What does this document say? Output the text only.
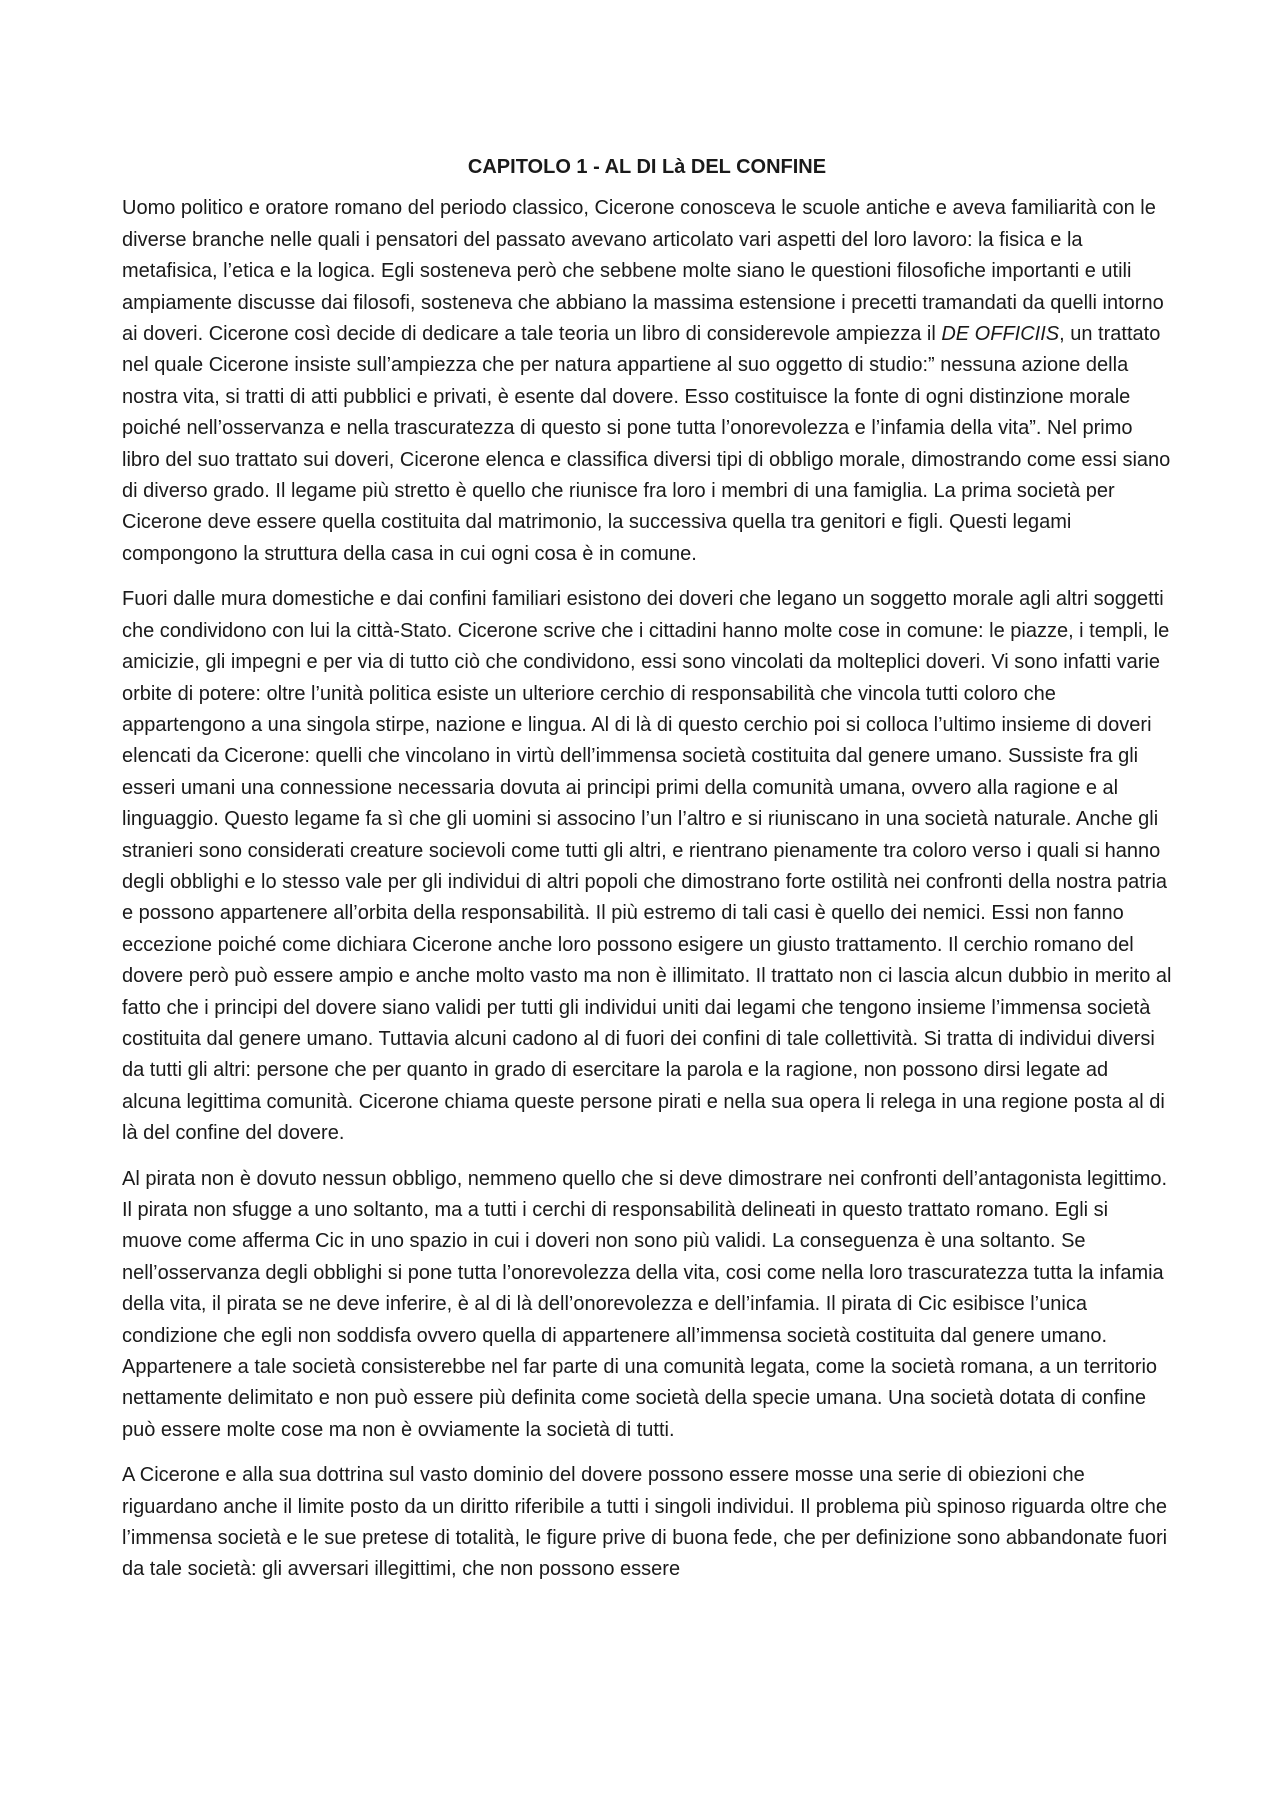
CAPITOLO 1 - AL DI Là DEL CONFINE

Uomo politico e oratore romano del periodo classico, Cicerone conosceva le scuole antiche e aveva familiarità con le diverse branche nelle quali i pensatori del passato avevano articolato vari aspetti del loro lavoro: la fisica e la metafisica, l’etica e la logica. Egli sosteneva però che sebbene molte siano le questioni filosofiche importanti e utili ampiamente discusse dai filosofi, sosteneva che abbiano la massima estensione i precetti tramandati da quelli intorno ai doveri. Cicerone così decide di dedicare a tale teoria un libro di considerevole ampiezza il DE OFFICIIS, un trattato nel quale Cicerone insiste sull’ampiezza che per natura appartiene al suo oggetto di studio:” nessuna azione della nostra vita, si tratti di atti pubblici e privati, è esente dal dovere. Esso costituisce la fonte di ogni distinzione morale poiché nell’osservanza e nella trascuratezza di questo si pone tutta l’onorevolezza e l’infamia della vita”. Nel primo libro del suo trattato sui doveri, Cicerone elenca e classifica diversi tipi di obbligo morale, dimostrando come essi siano di diverso grado. Il legame più stretto è quello che riunisce fra loro i membri di una famiglia. La prima società per Cicerone deve essere quella costituita dal matrimonio, la successiva quella tra genitori e figli. Questi legami compongono la struttura della casa in cui ogni cosa è in comune.

Fuori dalle mura domestiche e dai confini familiari esistono dei doveri che legano un soggetto morale agli altri soggetti che condividono con lui la città-Stato. Cicerone scrive che i cittadini hanno molte cose in comune: le piazze, i templi, le amicizie, gli impegni e per via di tutto ciò che condividono, essi sono vincolati da molteplici doveri. Vi sono infatti varie orbite di potere: oltre l’unità politica esiste un ulteriore cerchio di responsabilità che vincola tutti coloro che appartengono a una singola stirpe, nazione e lingua. Al di là di questo cerchio poi si colloca l’ultimo insieme di doveri elencati da Cicerone: quelli che vincolano in virtù dell’immensa società costituita dal genere umano. Sussiste fra gli esseri umani una connessione necessaria dovuta ai principi primi della comunità umana, ovvero alla ragione e al linguaggio. Questo legame fa sì che gli uomini si associno l’un l’altro e si riuniscano in una società naturale. Anche gli stranieri sono considerati creature socievoli come tutti gli altri, e rientrano pienamente tra coloro verso i quali si hanno degli obblighi e lo stesso vale per gli individui di altri popoli che dimostrano forte ostilità nei confronti della nostra patria e possono appartenere all’orbita della responsabilità. Il più estremo di tali casi è quello dei nemici. Essi non fanno eccezione poiché come dichiara Cicerone anche loro possono esigere un giusto trattamento. Il cerchio romano del dovere però può essere ampio e anche molto vasto ma non è illimitato. Il trattato non ci lascia alcun dubbio in merito al fatto che i principi del dovere siano validi per tutti gli individui uniti dai legami che tengono insieme l’immensa società costituita dal genere umano. Tuttavia alcuni cadono al di fuori dei confini di tale collettività. Si tratta di individui diversi da tutti gli altri: persone che per quanto in grado di esercitare la parola e la ragione, non possono dirsi legate ad alcuna legittima comunità. Cicerone chiama queste persone pirati e nella sua opera li relega in una regione posta al di là del confine del dovere.

Al pirata non è dovuto nessun obbligo, nemmeno quello che si deve dimostrare nei confronti dell’antagonista legittimo. Il pirata non sfugge a uno soltanto, ma a tutti i cerchi di responsabilità delineati in questo trattato romano. Egli si muove come afferma Cic in uno spazio in cui i doveri non sono più validi. La conseguenza è una soltanto. Se nell’osservanza degli obblighi si pone tutta l’onorevolezza della vita, cosi come nella loro trascuratezza tutta la infamia della vita, il pirata se ne deve inferire, è al di là dell’onorevolezza e dell’infamia. Il pirata di Cic esibisce l’unica condizione che egli non soddisfa ovvero quella di appartenere all’immensa società costituita dal genere umano. Appartenere a tale società consisterebbe nel far parte di una comunità legata, come la società romana, a un territorio nettamente delimitato e non può essere più definita come società della specie umana. Una società dotata di confine può essere molte cose ma non è ovviamente la società di tutti.

A Cicerone e alla sua dottrina sul vasto dominio del dovere possono essere mosse una serie di obiezioni che riguardano anche il limite posto da un diritto riferibile a tutti i singoli individui. Il problema più spinoso riguarda oltre che l’immensa società e le sue pretese di totalità, le figure prive di buona fede, che per definizione sono abbandonate fuori da tale società: gli avversari illegittimi, che non possono essere
